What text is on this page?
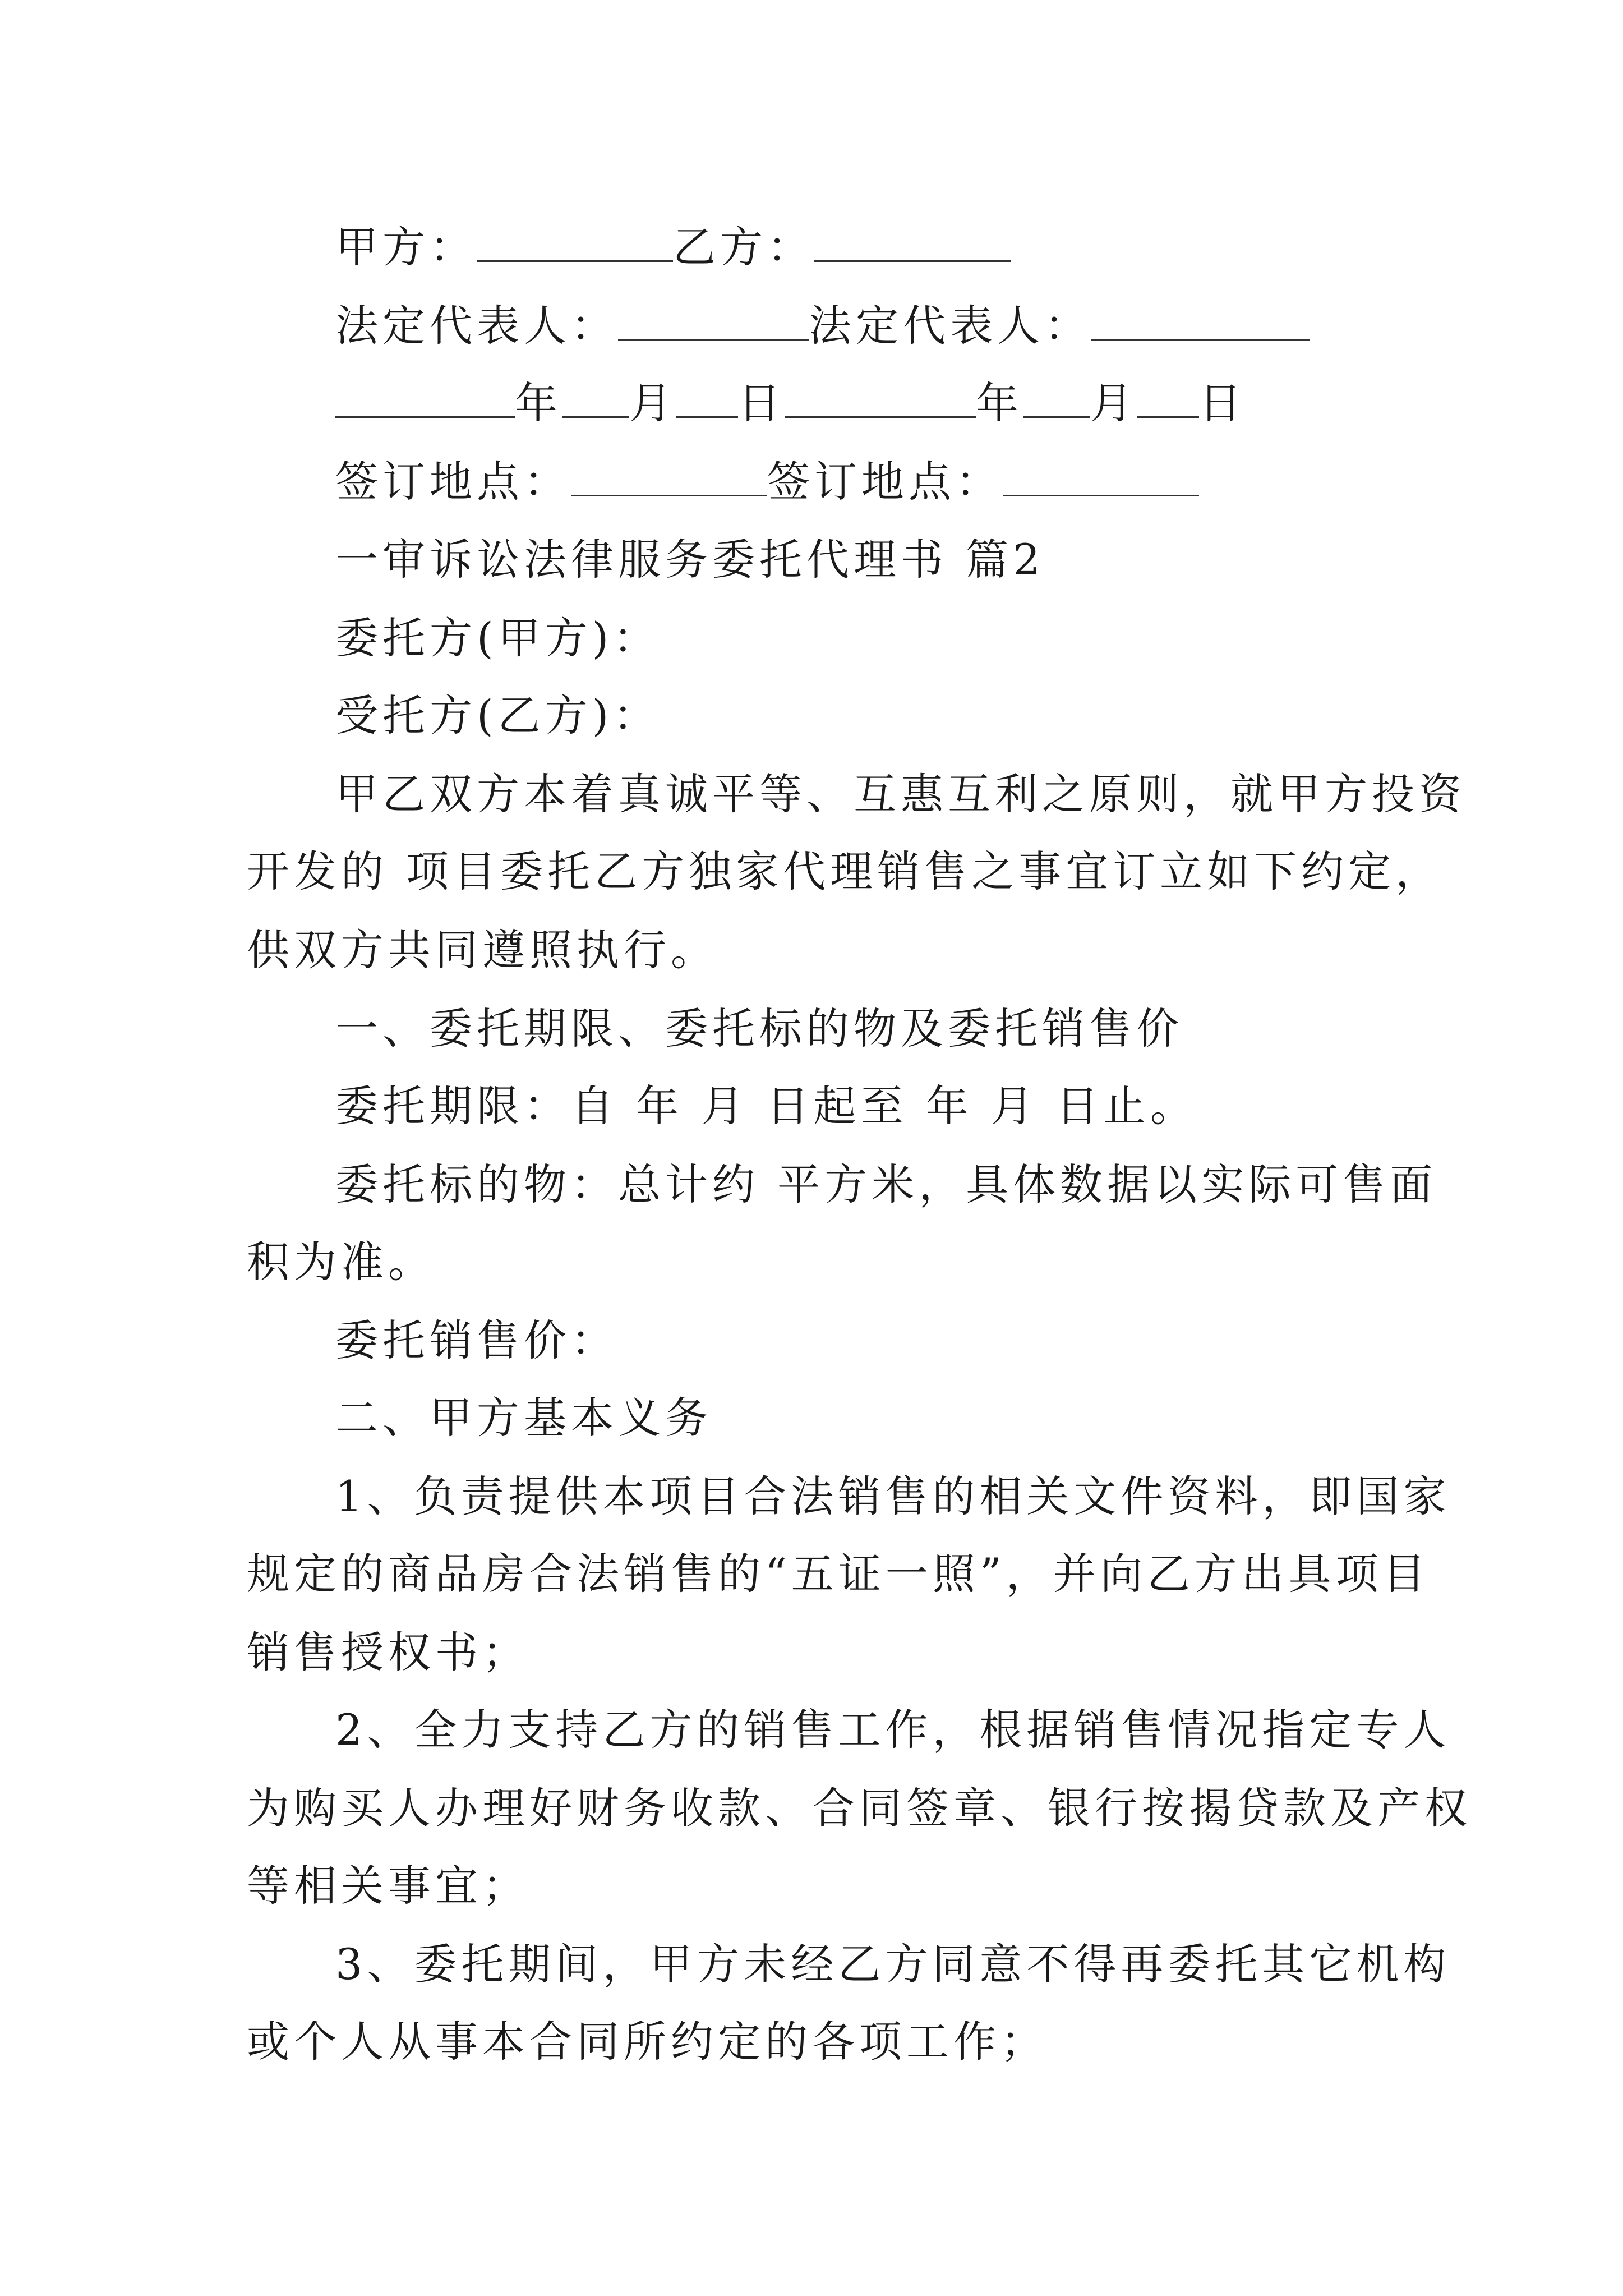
甲方：	乙方：
法定代表人：	法定代表人：
年 月 日	年 月 日
签订地点：	签订地点：
一审诉讼法律服务委托代理书 篇2
委托方(甲方)：
受托方(乙方)：
甲乙双方本着真诚平等、互惠互利之原则，就甲方投资
开发的 项目委托乙方独家代理销售之事宜订立如下约定，
供双方共同遵照执行。
一、委托期限、委托标的物及委托销售价
委托期限：自 年 月 日起至 年 月 日止。
委托标的物：总计约 平方米，具体数据以实际可售面
积为准。
委托销售价：
二、甲方基本义务
1、负责提供本项目合法销售的相关文件资料，即国家
规定的商品房合法销售的“五证一照”，并向乙方出具项目
销售授权书；
2、全力支持乙方的销售工作，根据销售情况指定专人
为购买人办理好财务收款、合同签章、银行按揭贷款及产权
等相关事宜；
3、委托期间，甲方未经乙方同意不得再委托其它机构
或个人从事本合同所约定的各项工作；
